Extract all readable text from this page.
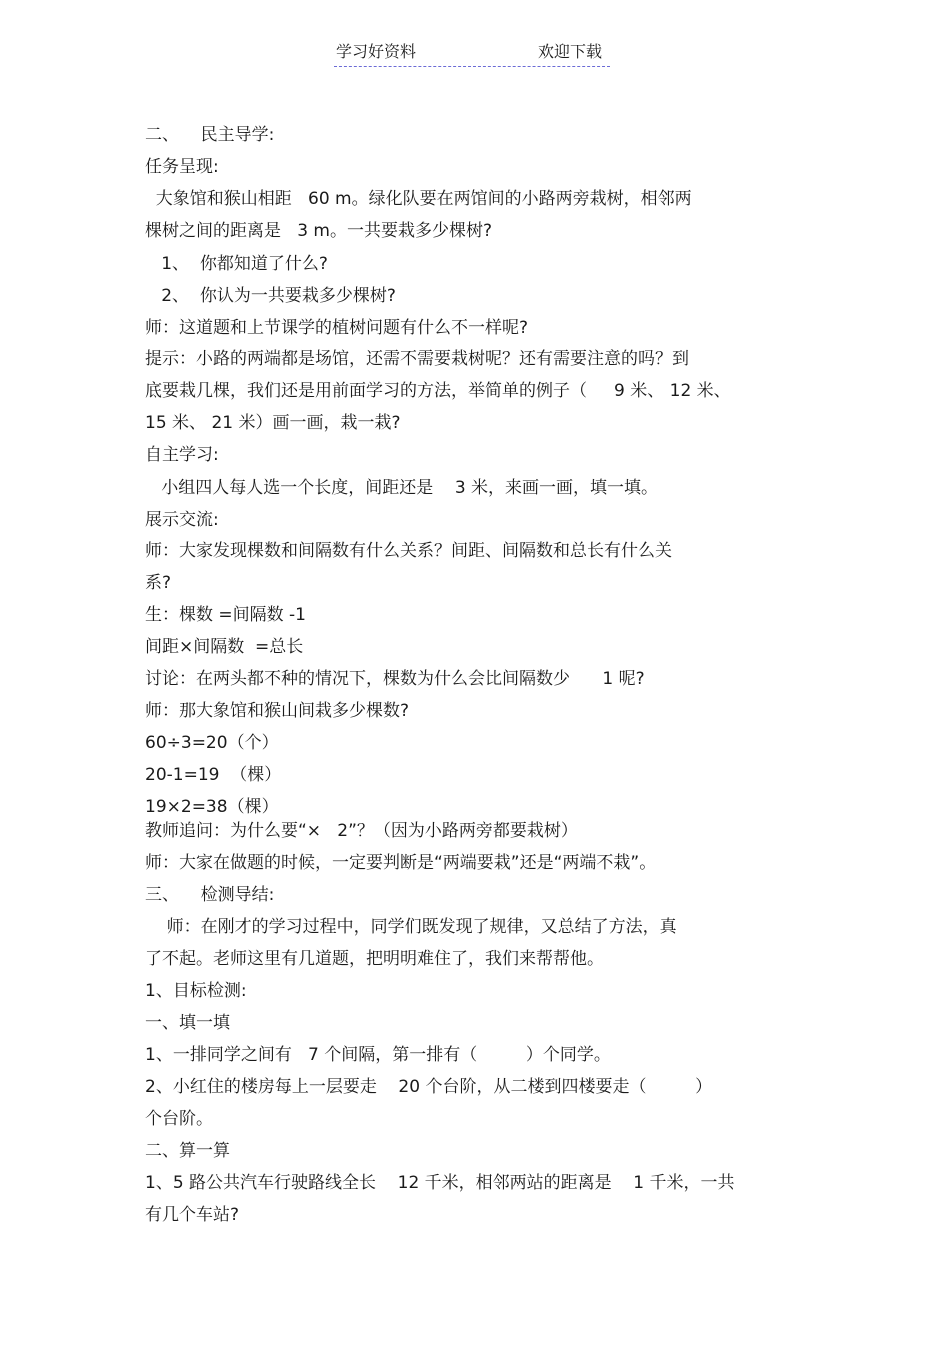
学习好资料	欢迎下载
二、    民主导学:
任务呈现:
大象馆和猴山相距   60 m。绿化队要在两馆间的小路两旁栽树，相邻两
棵树之间的距离是   3 m。一共要栽多少棵树?
1、  你都知道了什么?
2、  你认为一共要栽多少棵树?
师：这道题和上节课学的植树问题有什么不一样呢?
提示：小路的两端都是场馆，还需不需要栽树呢？还有需要注意的吗？到
底要栽几棵，我们还是用前面学习的方法，举简单的例子（     9 米、 12 米、
15 米、 21 米）画一画，栽一栽?
自主学习:
小组四人每人选一个长度，间距还是    3 米，来画一画，填一填。
展示交流:
师：大家发现棵数和间隔数有什么关系？间距、间隔数和总长有什么关
系?
生：棵数 =间隔数 -1
间距×间隔数  =总长
讨论：在两头都不种的情况下，棵数为什么会比间隔数少      1 呢?
师：那大象馆和猴山间栽多少棵数?
60÷3=20（个）
20-1=19  （棵）
19×2=38（棵）
教师追问：为什么要“×   2”？（因为小路两旁都要栽树）
师：大家在做题的时候，一定要判断是“两端要栽”还是“两端不栽”。
三、    检测导结:
师：在刚才的学习过程中，同学们既发现了规律，又总结了方法，真
了不起。老师这里有几道题，把明明难住了，我们来帮帮他。
1、目标检测:
一、填一填
1、一排同学之间有   7 个间隔，第一排有（         ）个同学。
2、小红住的楼房每上一层要走    20 个台阶，从二楼到四楼要走（         ）
个台阶。
二、算一算
1、5 路公共汽车行驶路线全长    12 千米，相邻两站的距离是    1 千米，一共
有几个车站?
